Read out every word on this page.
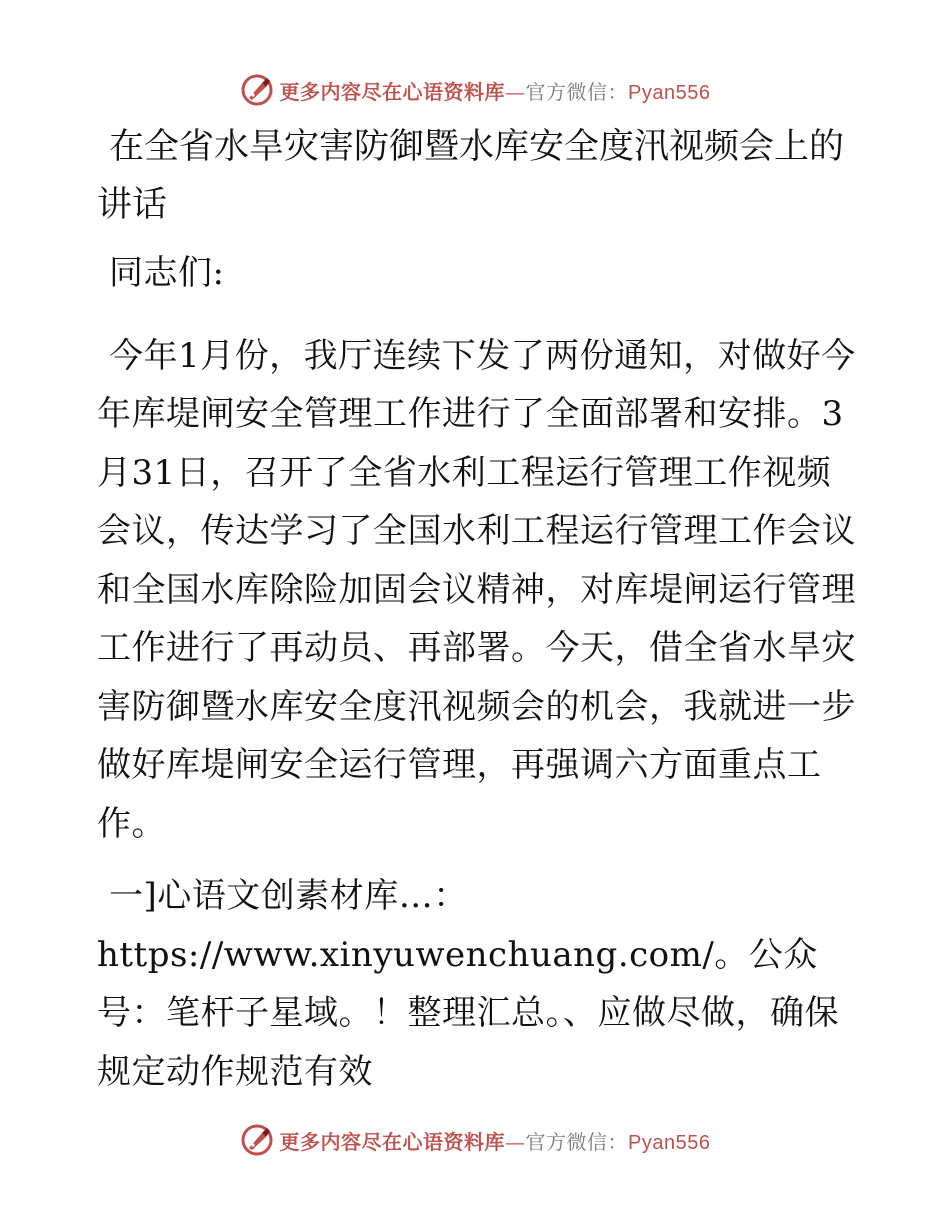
更多内容尽在心语资料库—官方微信：Pyan556
在全省水旱灾害防御暨水库安全度汛视频会上的讲话

同志们:

今年1月份，我厅连续下发了两份通知，对做好今年库堤闸安全管理工作进行了全面部署和安排。3月31日，召开了全省水利工程运行管理工作视频会议，传达学习了全国水利工程运行管理工作会议和全国水库除险加固会议精神，对库堤闸运行管理工作进行了再动员、再部署。今天，借全省水旱灾害防御暨水库安全度汛视频会的机会，我就进一步做好库堤闸安全运行管理，再强调六方面重点工作。

一]心语文创素材库…：https://www.xinyuwenchuang.com/。公众号：笔杆子星域。！整理汇总。、应做尽做，确保规定动作规范有效

更多内容尽在心语资料库—官方微信：Pyan556
